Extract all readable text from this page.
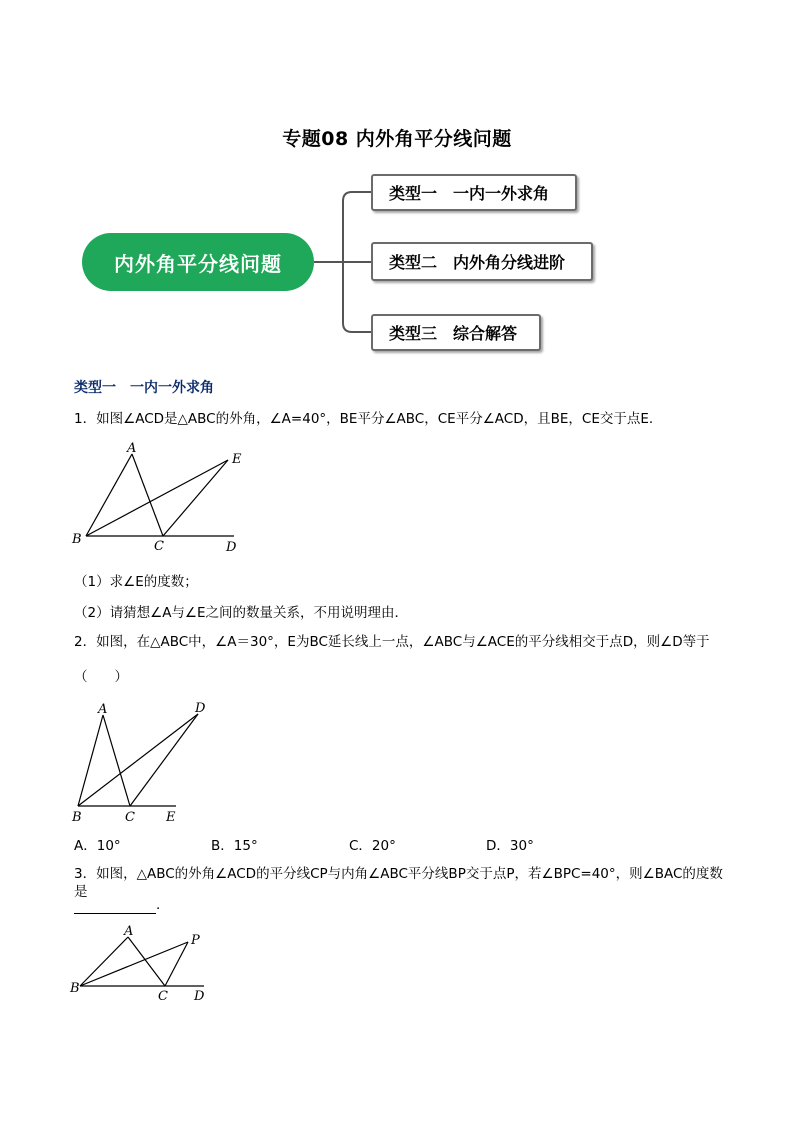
专题08 内外角平分线问题
内外角平分线问题
类型一　一内一外求角
类型二　内外角分线进阶
类型三　综合解答
类型一　一内一外求角
1．如图∠ACD是△ABC的外角，∠A=40°，BE平分∠ABC，CE平分∠ACD，且BE，CE交于点E.
A
B	C	D
E
（1）求∠E的度数；
（2）请猜想∠A与∠E之间的数量关系，不用说明理由．
2．如图，在△ABC中，∠A＝30°，E为BC延长线上一点，∠ABC与∠ACE的平分线相交于点D，则∠D等于
（　　）
A
B	C
D
E
A．10°	B．15°	C．20°	D．30°
3．如图，△ABC的外角∠ACD的平分线CP与内角∠ABC平分线BP交于点P，若∠BPC=40°，则∠BAC的度数是
.
A
B
C D
P
